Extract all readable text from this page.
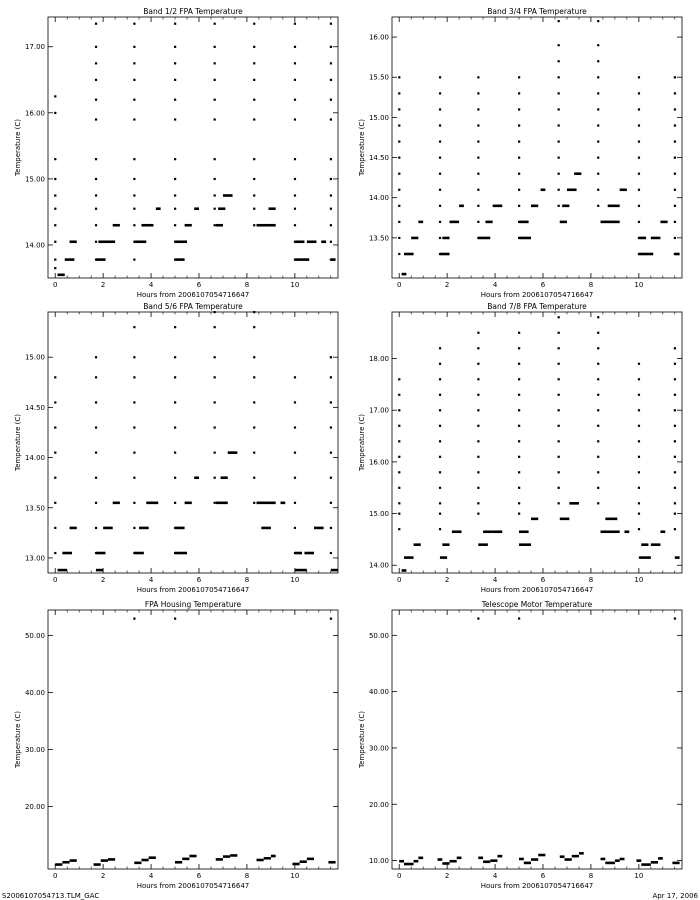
Band 1/2 FPA Temperature
Hours from 2006107054716647
Temperature (C)
0	2	4	6	8	10
14.00
15.00
16.00
17.00
Band 3/4 FPA Temperature
Hours from 2006107054716647
Temperature (C)
0	2	4	6	8	10
13.50
14.00
14.50
15.00
15.50
16.00
Band 5/6 FPA Temperature
Hours from 2006107054716647
Temperature (C)
0	2	4	6	8	10
13.00
13.50
14.00
14.50
15.00
Band 7/8 FPA Temperature
Hours from 2006107054716647
Temperature (C)
0	2	4	6	8	10
14.00
15.00
16.00
17.00
18.00
FPA Housing Temperature
Hours from 2006107054716647
Temperature (C)
0	2	4	6	8	10
20.00
30.00
40.00
50.00
Telescope Motor Temperature
Hours from 2006107054716647
Temperature (C)
0	2	4	6	8	10
10.00
20.00
30.00
40.00
50.00
S2006107054713.TLM_GAC	Apr 17, 2006
